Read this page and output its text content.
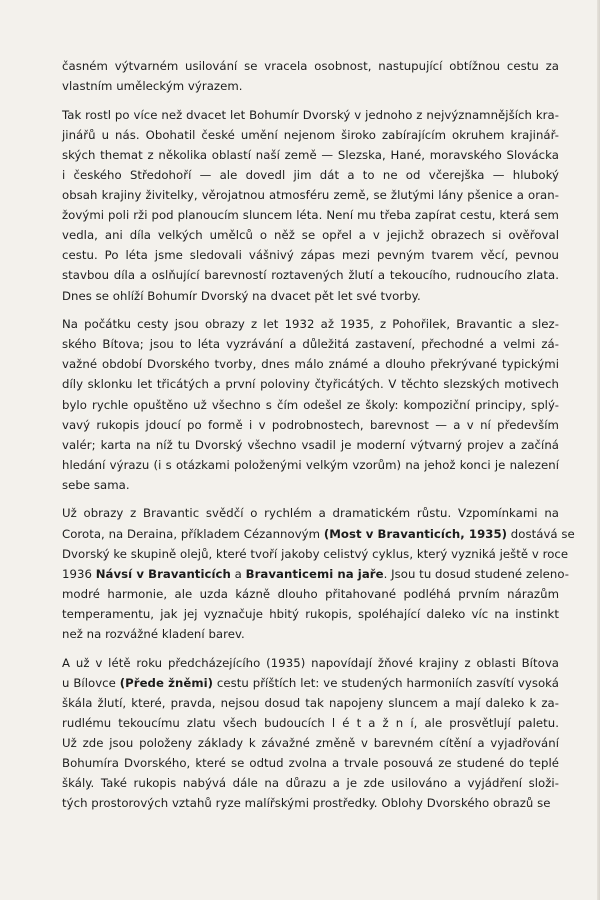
časném výtvarném usilování se vracela osobnost, nastupující obtížnou cestu za
vlastním uměleckým výrazem.
Tak rostl po více než dvacet let Bohumír Dvorský v jednoho z nejvýznamnějších kra-
jinářů u nás. Obohatil české umění nejenom široko zabírajícím okruhem krajinář-
ských themat z několika oblastí naší země — Slezska, Hané, moravského Slovácka
i českého Středohoří — ale dovedl jim dát a to ne od včerejška — hluboký
obsah krajiny živitelky, věrojatnou atmosféru země, se žlutými lány pšenice a oran-
žovými poli rži pod planoucím sluncem léta. Není mu třeba zapírat cestu, která sem
vedla, ani díla velkých umělců o něž se opřel a v jejichž obrazech si ověřoval
cestu. Po léta jsme sledovali vášnivý zápas mezi pevným tvarem věcí, pevnou
stavbou díla a oslňující barevností roztavených žlutí a tekoucího, rudnoucího zlata.
Dnes se ohlíží Bohumír Dvorský na dvacet pět let své tvorby.
Na počátku cesty jsou obrazy z let 1932 až 1935, z Pohořilek, Bravantic a slez-
ského Bítova; jsou to léta vyzrávání a důležitá zastavení, přechodné a velmi zá-
važné období Dvorského tvorby, dnes málo známé a dlouho překrývané typickými
díly sklonku let třicátých a první poloviny čtyřicátých. V těchto slezských motivech
bylo rychle opuštěno už všechno s čím odešel ze školy: kompoziční principy, splý-
vavý rukopis jdoucí po formě i v podrobnostech, barevnost — a v ní především
valér; karta na níž tu Dvorský všechno vsadil je moderní výtvarný projev a začíná
hledání výrazu (i s otázkami položenými velkým vzorům) na jehož konci je nalezení
sebe sama.
Už obrazy z Bravantic svědčí o rychlém a dramatickém růstu. Vzpomínkami na
Corota, na Deraina, příkladem Cézannovým (Most v Bravanticích, 1935) dostává se
Dvorský ke skupině olejů, které tvoří jakoby celistvý cyklus, který vyzniká ještě v roce
1936 Návsí v Bravanticích a Bravanticemi na jaře. Jsou tu dosud studené zeleno-
modré harmonie, ale uzda kázně dlouho přitahované podléhá prvním nárazům
temperamentu, jak jej vyznačuje hbitý rukopis, spoléhající daleko víc na instinkt
než na rozvážné kladení barev.
A už v létě roku předcházejícího (1935) napovídají žňové krajiny z oblasti Bítova
u Bílovce (Přede žněmi) cestu příštích let: ve studených harmoniích zasvítí vysoká
škála žlutí, které, pravda, nejsou dosud tak napojeny sluncem a mají daleko k za-
rudlému tekoucímu zlatu všech budoucích l é t a ž n í, ale prosvětlují paletu.
Už zde jsou položeny základy k závažné změně v barevném cítění a vyjadřování
Bohumíra Dvorského, které se odtud zvolna a trvale posouvá ze studené do teplé
škály. Také rukopis nabývá dále na důrazu a je zde usilováno a vyjádření složi-
tých prostorových vztahů ryze malířskými prostředky. Oblohy Dvorského obrazů se
